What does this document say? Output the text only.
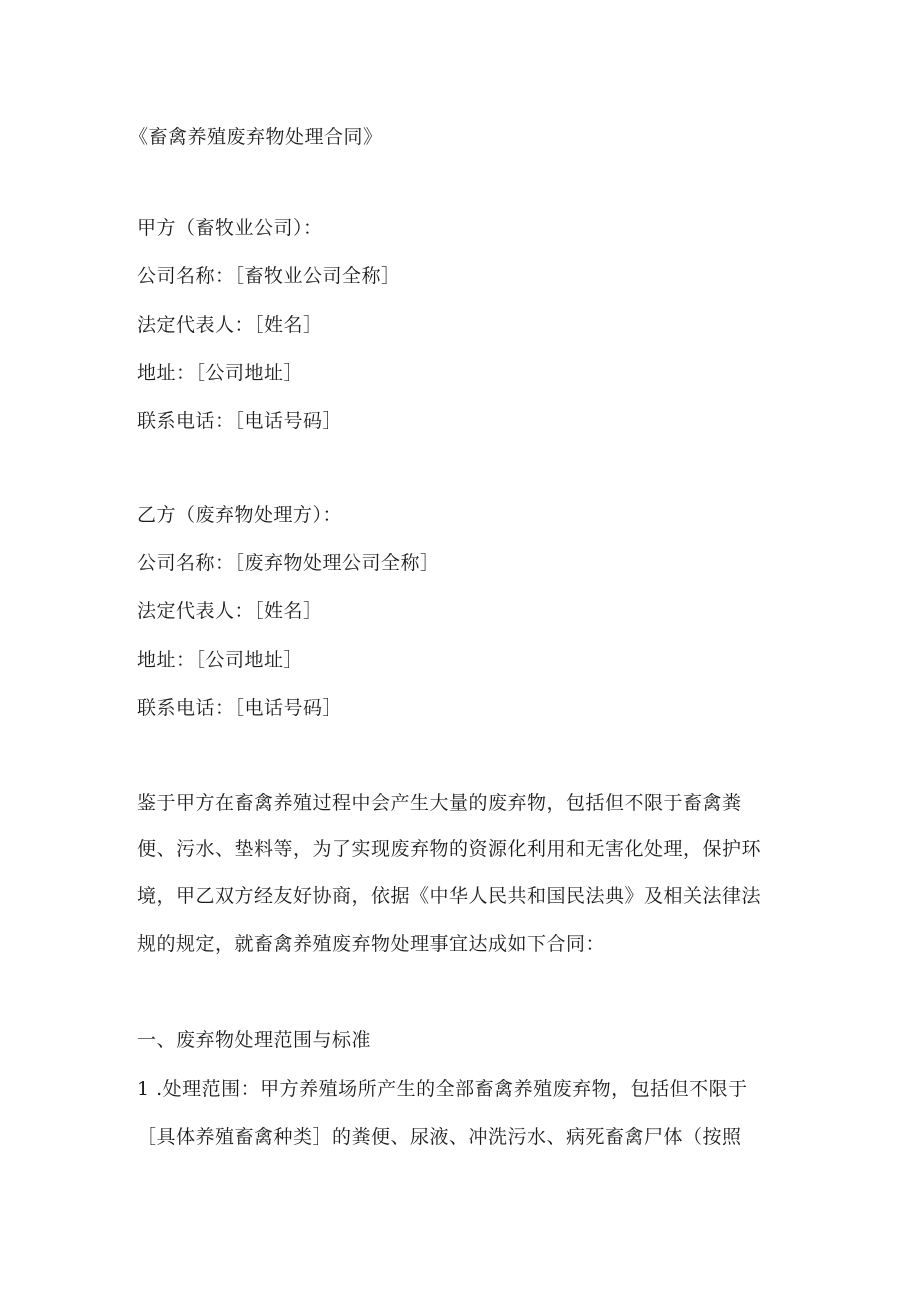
《畜禽养殖废弃物处理合同》
甲方（畜牧业公司）：
公司名称：［畜牧业公司全称］
法定代表人：［姓名］
地址：［公司地址］
联系电话：［电话号码］
乙方（废弃物处理方）：
公司名称：［废弃物处理公司全称］
法定代表人：［姓名］
地址：［公司地址］
联系电话：［电话号码］
鉴于甲方在畜禽养殖过程中会产生大量的废弃物，包括但不限于畜禽粪
便、污水、垫料等，为了实现废弃物的资源化利用和无害化处理，保护环
境，甲乙双方经友好协商，依据《中华人民共和国民法典》及相关法律法
规的规定，就畜禽养殖废弃物处理事宜达成如下合同：
一、废弃物处理范围与标准
1 .处理范围：甲方养殖场所产生的全部畜禽养殖废弃物，包括但不限于
［具体养殖畜禽种类］的粪便、尿液、冲洗污水、病死畜禽尸体（按照
